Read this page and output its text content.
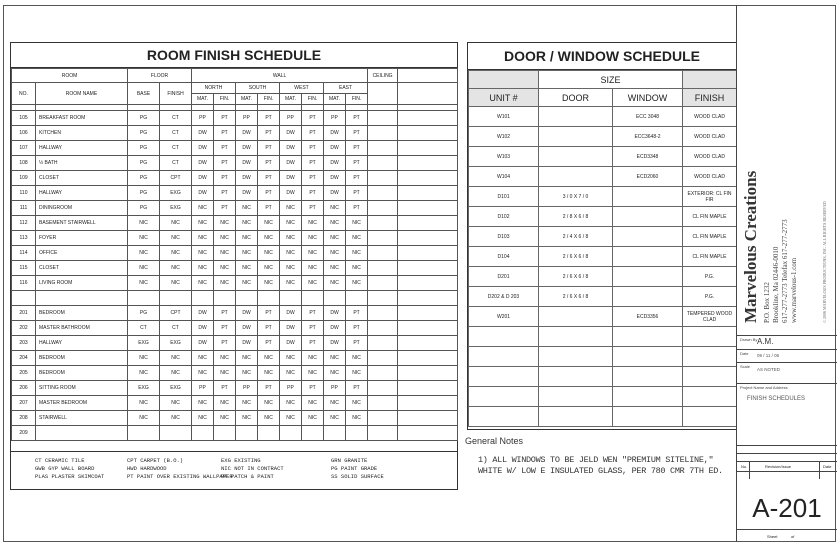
ROOM FINISH SCHEDULE
ROOM		FLOOR		WALL								CEILING	
NO.	ROOM NAME	BASE	FINISH	NORTH		SOUTH		WEST		EAST			
				MAT.	FIN.	MAT.	FIN.	MAT.	FIN.	MAT.	FIN.		

105	BREAKFAST ROOM	PG	CT	PP	PT	PP	PT	PP	PT	PP	PT		
106	KITCHEN	PG	CT	DW	PT	DW	PT	DW	PT	DW	PT		
107	HALLWAY	PG	CT	DW	PT	DW	PT	DW	PT	DW	PT		
108	½ BATH	PG	CT	DW	PT	DW	PT	DW	PT	DW	PT		
109	CLOSET	PG	CPT	DW	PT	DW	PT	DW	PT	DW	PT		
110	HALLWAY	PG	EXG	DW	PT	DW	PT	DW	PT	DW	PT		
111	DININGROOM	PG	EXG	NIC	PT	NIC	PT	NIC	PT	NIC	PT		
112	BASEMENT STAIRWELL	NIC	NIC	NIC	NIC	NIC	NIC	NIC	NIC	NIC	NIC		
113	FOYER	NIC	NIC	NIC	NIC	NIC	NIC	NIC	NIC	NIC	NIC		
114	OFFICE	NIC	NIC	NIC	NIC	NIC	NIC	NIC	NIC	NIC	NIC		
115	CLOSET	NIC	NIC	NIC	NIC	NIC	NIC	NIC	NIC	NIC	NIC		
116	LIVING ROOM	NIC	NIC	NIC	NIC	NIC	NIC	NIC	NIC	NIC	NIC		

201	BEDROOM	PG	CPT	DW	PT	DW	PT	DW	PT	DW	PT		
202	MASTER BATHROOM	CT	CT	DW	PT	DW	PT	DW	PT	DW	PT		
203	HALLWAY	EXG	EXG	DW	PT	DW	PT	DW	PT	DW	PT		
204	BEDROOM	NIC	NIC	NIC	NIC	NIC	NIC	NIC	NIC	NIC	NIC		
205	BEDROOM	NIC	NIC	NIC	NIC	NIC	NIC	NIC	NIC	NIC	NIC		
206	SITTING ROOM	EXG	EXG	PP	PT	PP	PT	PP	PT	PP	PT		
207	MASTER BEDROOM	NIC	NIC	NIC	NIC	NIC	NIC	NIC	NIC	NIC	NIC		
208	STAIRWELL	NIC	NIC	NIC	NIC	NIC	NIC	NIC	NIC	NIC	NIC		
209													
CT CERAMIC TILE
GWB GYP WALL BOARD
PLAS PLASTER SKIMCOAT
CPT CARPET (B.O.)
HWD HARDWOOD
PT PAINT OVER EXISTING WALLPAPER
EXG EXISTING
NIC NOT IN CONTRACT
PP PATCH & PAINT
GRN GRANITE
PG PAINT GRADE
SS SOLID SURFACE
DOOR / WINDOW SCHEDULE
	SIZE		
UNIT #	DOOR	WINDOW	FINISH
W101		ECC 3048	WOOD CLAD
W102		ECC3648-2	WOOD CLAD
W103		ECD3348	WOOD CLAD
W104		ECD2060	WOOD CLAD
D101	3 / 0 X 7 / 0		EXTERIOR: CL FIN FIR
D102	2 / 8 X 6 / 8		CL FIN MAPLE
D103	2 / 4 X 6 / 8		CL FIN MAPLE
D104	2 / 6 X 6 / 8		CL FIN MAPLE
D201	2 / 6 X 6 / 8		P.G.
D202 & D 203	2 / 6 X 6 / 8		P.G.
W201		ECD3356	TEMPERED WOOD CLAD

General Notes
1) ALL WINDOWS TO BE JELD WEN "PREMIUM SITELINE,"
WHITE W/ LOW E INSULATED GLASS, PER 780 CMR 7TH ED.
Marvelous Creations P.O. Box 1232 Brookline, Ma 02446-0010 617-277-2773 Telefax 617-277-2773 www.marvelous-1.com	© 2006 MARVELOUS PRODUCTIONS, INC. ALL RIGHTS RESERVED
Drawn By A.M.
Date 09 / 11 / 06
Scale
AS NOTED
Project Name and Address
FINISH SCHEDULES
No.	Revision/Issue	Date
A-201
Sheet	of
